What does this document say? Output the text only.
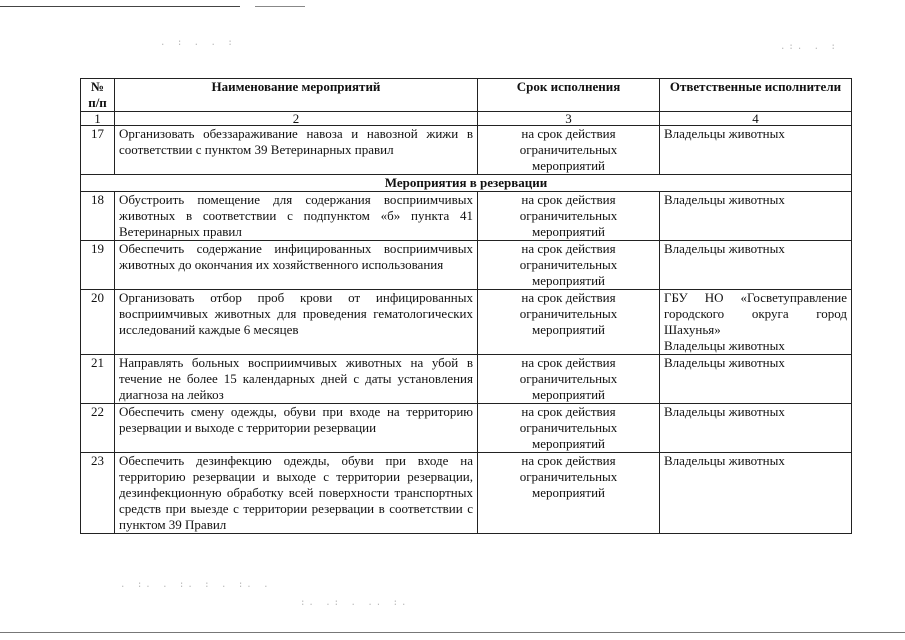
. : . . :	.:. . :
. :. . :. : . :. .
:. .: . .. :.
№ п/п	Наименование мероприятий	Срок исполнения	Ответственные исполнители
1	2	3	4
17	Организовать обеззараживание навоза и навозной жижи в соответствии с пунктом 39 Ветеринарных правил	на срок действия ограничительных мероприятий	Владельцы животных
Мероприятия в резервации			
18	Обустроить помещение для содержания восприимчивых животных в соответствии с подпунктом «б» пункта 41 Ветеринарных правил	на срок действия ограничительных мероприятий	Владельцы животных
19	Обеспечить содержание инфицированных восприимчивых животных до окончания их хозяйственного использования	на срок действия ограничительных мероприятий	Владельцы животных
20	Организовать отбор проб крови от инфицированных восприимчивых животных для проведения гематологических исследований каждые 6 месяцев	на срок действия ограничительных мероприятий	ГБУ НО «Госветуправление городского округа город Шахунья»
Владельцы животных

21	Направлять больных восприимчивых животных на убой в течение не более 15 календарных дней с даты установления диагноза на лейкоз	на срок действия ограничительных мероприятий	Владельцы животных
22	Обеспечить смену одежды, обуви при входе на территорию резервации и выходе с территории резервации	на срок действия ограничительных мероприятий	Владельцы животных
23	Обеспечить дезинфекцию одежды, обуви при входе на территорию резервации и выходе с территории резервации, дезинфекционную обработку всей поверхности транспортных средств при выезде с территории резервации в соответствии с пунктом 39 Правил	на срок действия ограничительных мероприятий	Владельцы животных
